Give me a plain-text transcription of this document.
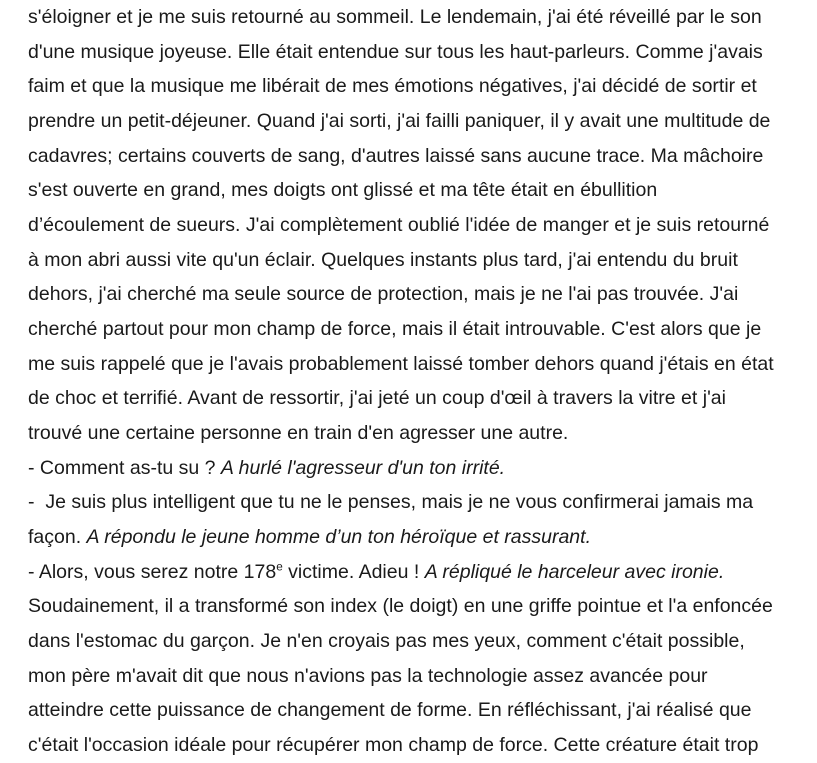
s'éloigner et je me suis retourné au sommeil. Le lendemain, j'ai été réveillé par le son
d'une musique joyeuse. Elle était entendue sur tous les haut-parleurs. Comme j'avais
faim et que la musique me libérait de mes émotions négatives, j'ai décidé de sortir et
prendre un petit-déjeuner. Quand j'ai sorti, j'ai failli paniquer, il y avait une multitude de
cadavres; certains couverts de sang, d'autres laissé sans aucune trace. Ma mâchoire
s'est ouverte en grand, mes doigts ont glissé et ma tête était en ébullition
d’écoulement de sueurs. J'ai complètement oublié l'idée de manger et je suis retourné
à mon abri aussi vite qu'un éclair. Quelques instants plus tard, j'ai entendu du bruit
dehors, j'ai cherché ma seule source de protection, mais je ne l'ai pas trouvée. J'ai
cherché partout pour mon champ de force, mais il était introuvable. C'est alors que je
me suis rappelé que je l'avais probablement laissé tomber dehors quand j'étais en état
de choc et terrifié. Avant de ressortir, j'ai jeté un coup d'œil à travers la vitre et j'ai
trouvé une certaine personne en train d'en agresser une autre.
- Comment as-tu su ? A hurlé l'agresseur d'un ton irrité.
-  Je suis plus intelligent que tu ne le penses, mais je ne vous confirmerai jamais ma
façon. A répondu le jeune homme d’un ton héroïque et rassurant.
- Alors, vous serez notre 178e victime. Adieu ! A répliqué le harceleur avec ironie.
Soudainement, il a transformé son index (le doigt) en une griffe pointue et l'a enfoncée
dans l'estomac du garçon. Je n'en croyais pas mes yeux, comment c'était possible,
mon père m'avait dit que nous n'avions pas la technologie assez avancée pour
atteindre cette puissance de changement de forme. En réfléchissant, j'ai réalisé que
c'était l'occasion idéale pour récupérer mon champ de force. Cette créature était trop
